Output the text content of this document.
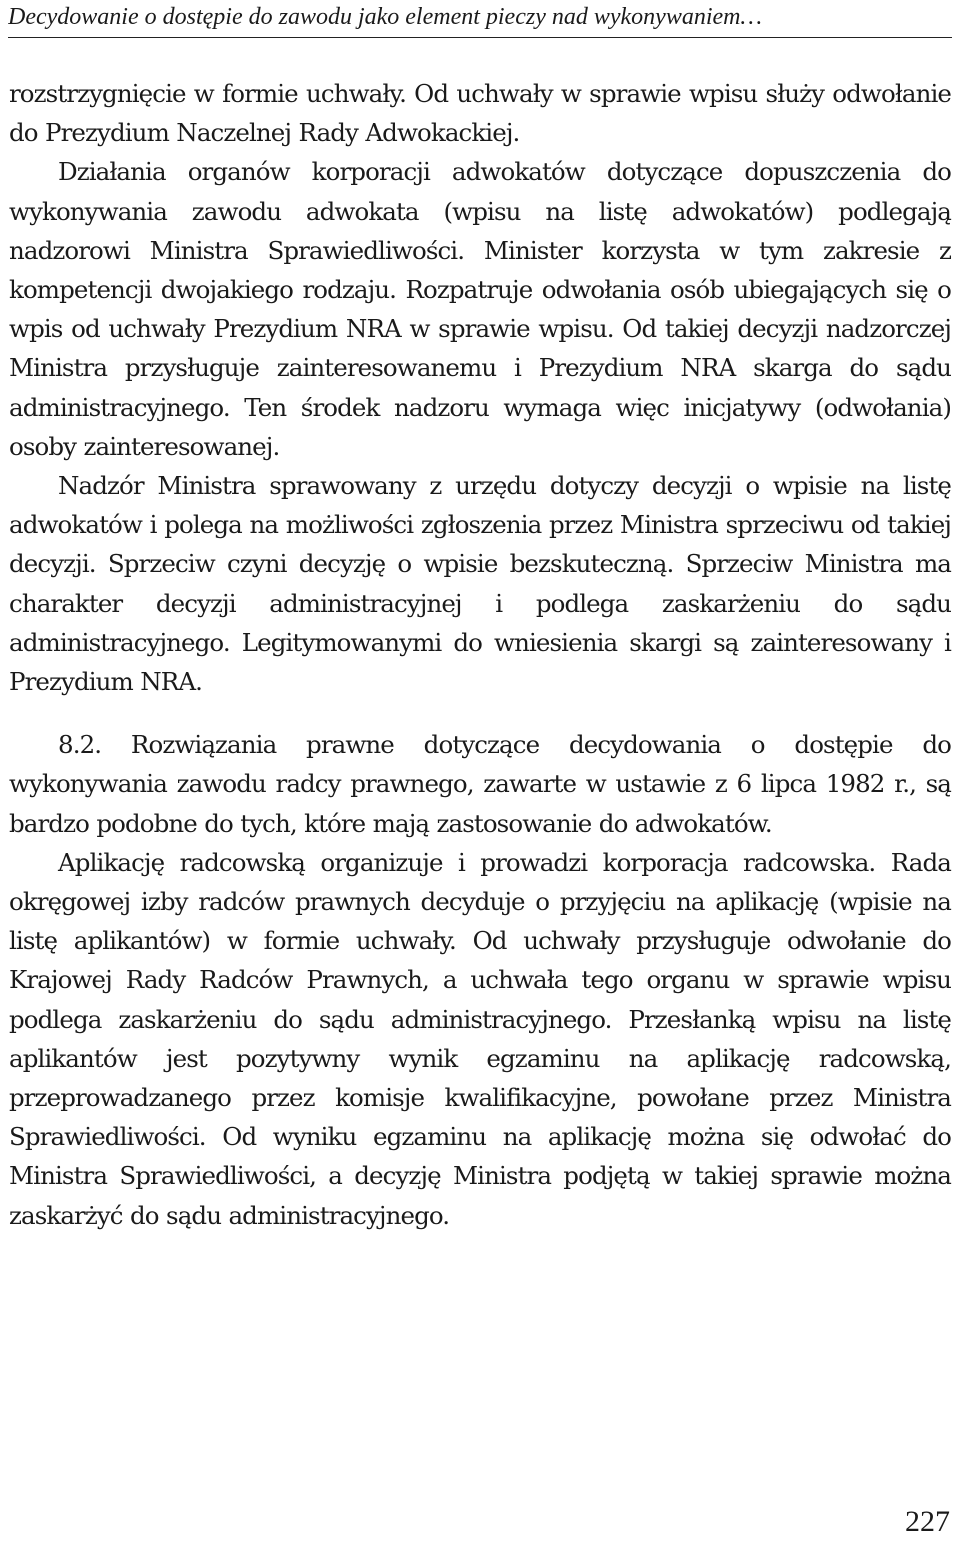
Decydowanie o dostępie do zawodu jako element pieczy nad wykonywaniem…

rozstrzygnięcie w formie uchwały. Od uchwały w sprawie wpisu służy odwołanie do Prezydium Naczelnej Rady Adwokackiej.

Działania organów korporacji adwokatów dotyczące dopuszczenia do wykonywania zawodu adwokata (wpisu na listę adwokatów) podlegają nadzorowi Ministra Sprawiedliwości. Minister korzysta w tym zakresie z kompetencji dwojakiego rodzaju. Rozpatruje odwołania osób ubiegających się o wpis od uchwały Prezydium NRA w sprawie wpisu. Od takiej decyzji nadzorczej Ministra przysługuje zainteresowanemu i Prezydium NRA skarga do sądu administracyjnego. Ten środek nadzoru wymaga więc inicjatywy (odwołania) osoby zainteresowanej.

Nadzór Ministra sprawowany z urzędu dotyczy decyzji o wpisie na listę adwokatów i polega na możliwości zgłoszenia przez Ministra sprzeciwu od takiej decyzji. Sprzeciw czyni decyzję o wpisie bezskuteczną. Sprzeciw Ministra ma charakter decyzji administracyjnej i podlega zaskarżeniu do sądu administracyjnego. Legitymowanymi do wniesienia skargi są zainteresowany i Prezydium NRA.

8.2. Rozwiązania prawne dotyczące decydowania o dostępie do wykonywania zawodu radcy prawnego, zawarte w ustawie z 6 lipca 1982 r., są bardzo podobne do tych, które mają zastosowanie do adwokatów.

Aplikację radcowską organizuje i prowadzi korporacja radcowska. Rada okręgowej izby radców prawnych decyduje o przyjęciu na aplikację (wpisie na listę aplikantów) w formie uchwały. Od uchwały przysługuje odwołanie do Krajowej Rady Radców Prawnych, a uchwała tego organu w sprawie wpisu podlega zaskarżeniu do sądu administracyjnego. Przesłanką wpisu na listę aplikantów jest pozytywny wynik egzaminu na aplikację radcowską, przeprowadzanego przez komisje kwalifikacyjne, powołane przez Ministra Sprawiedliwości. Od wyniku egzaminu na aplikację można się odwołać do Ministra Sprawiedliwości, a decyzję Ministra podjętą w takiej sprawie można zaskarżyć do sądu administracyjnego.

227
